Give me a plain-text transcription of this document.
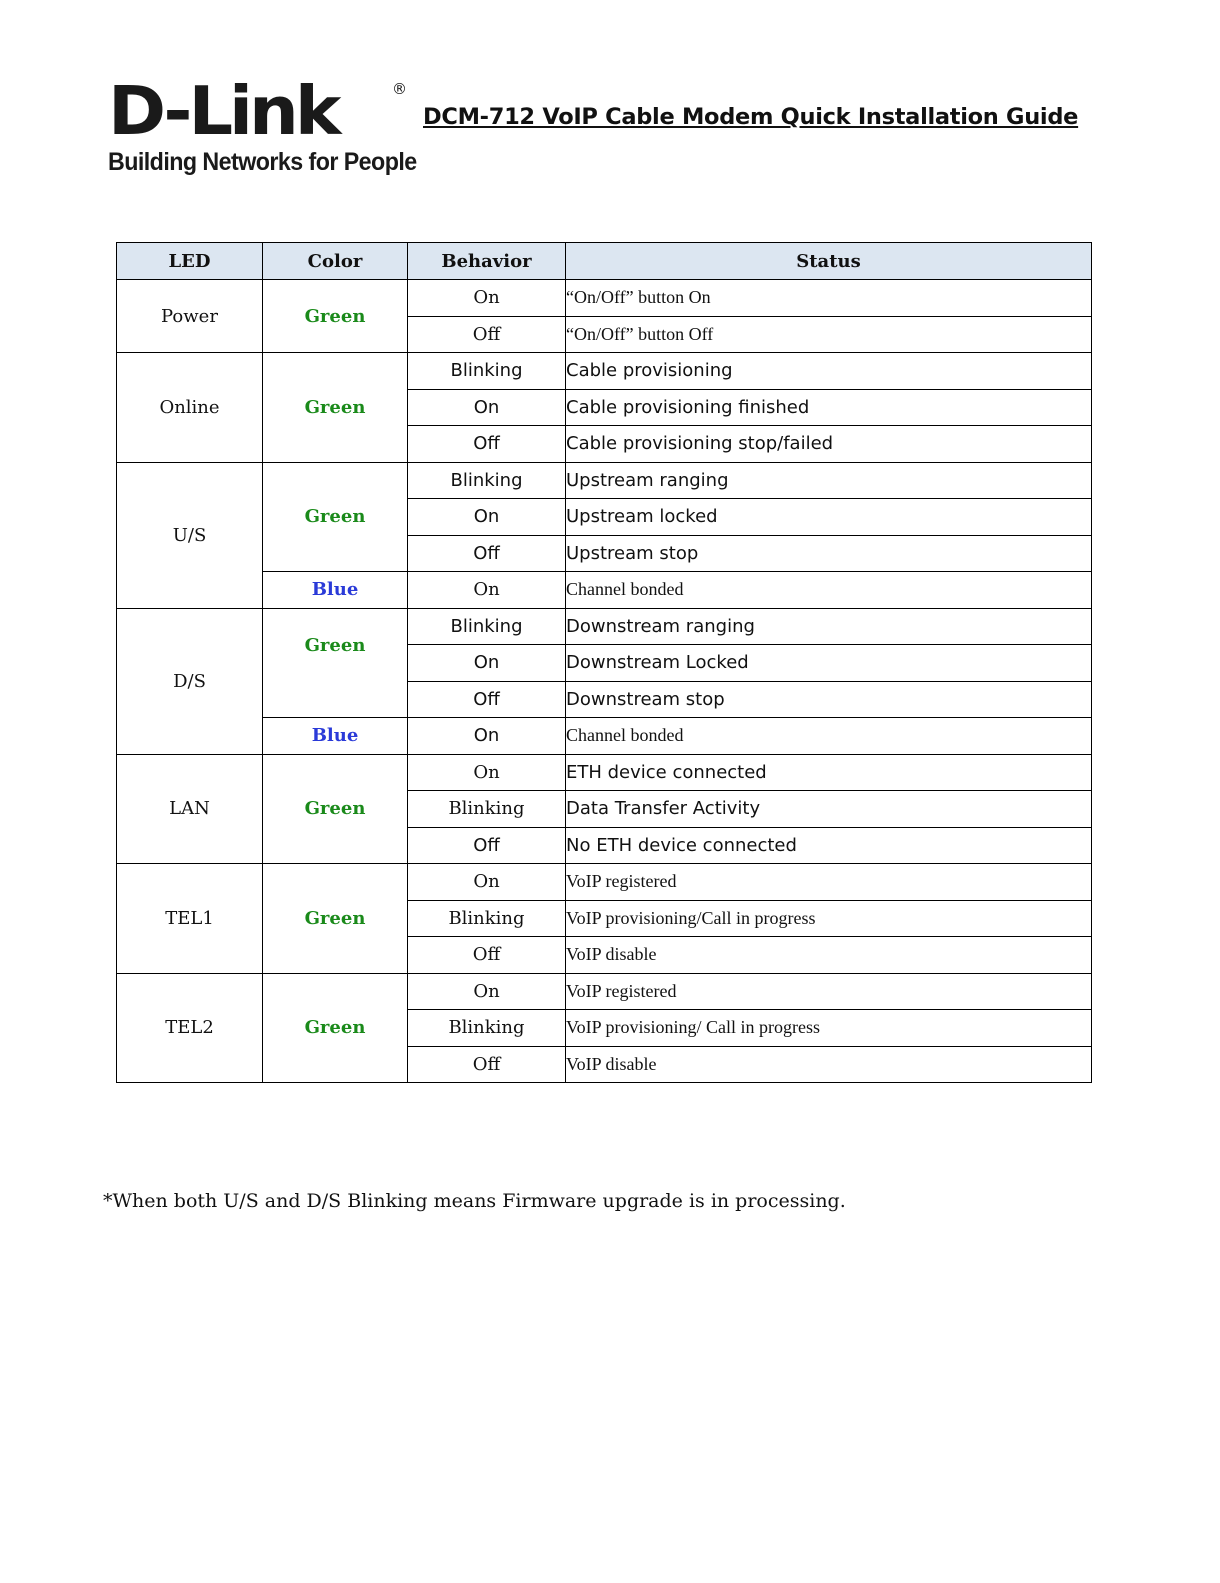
D-Link	®
Building Networks for People
DCM-712 VoIP Cable Modem Quick Installation Guide
LED	Color	Behavior	Status
Power	Green	On	“On/Off” button On
		Off	“On/Off” button Off
Online	Green	Blinking	Cable provisioning
		On	Cable provisioning finished
		Off	Cable provisioning stop/failed
U/S	Green	Blinking	Upstream ranging
		On	Upstream locked
		Off	Upstream stop
	Blue	On	Channel bonded
D/S	Green	Blinking	Downstream ranging
		On	Downstream Locked
		Off	Downstream stop
	Blue	On	Channel bonded
LAN	Green	On	ETH device connected
		Blinking	Data Transfer Activity
		Off	No ETH device connected
TEL1	Green	On	VoIP registered
		Blinking	VoIP provisioning/Call in progress
		Off	VoIP disable
TEL2	Green	On	VoIP registered
		Blinking	VoIP provisioning/ Call in progress
		Off	VoIP disable
*When both U/S and D/S Blinking means Firmware upgrade is in processing.
